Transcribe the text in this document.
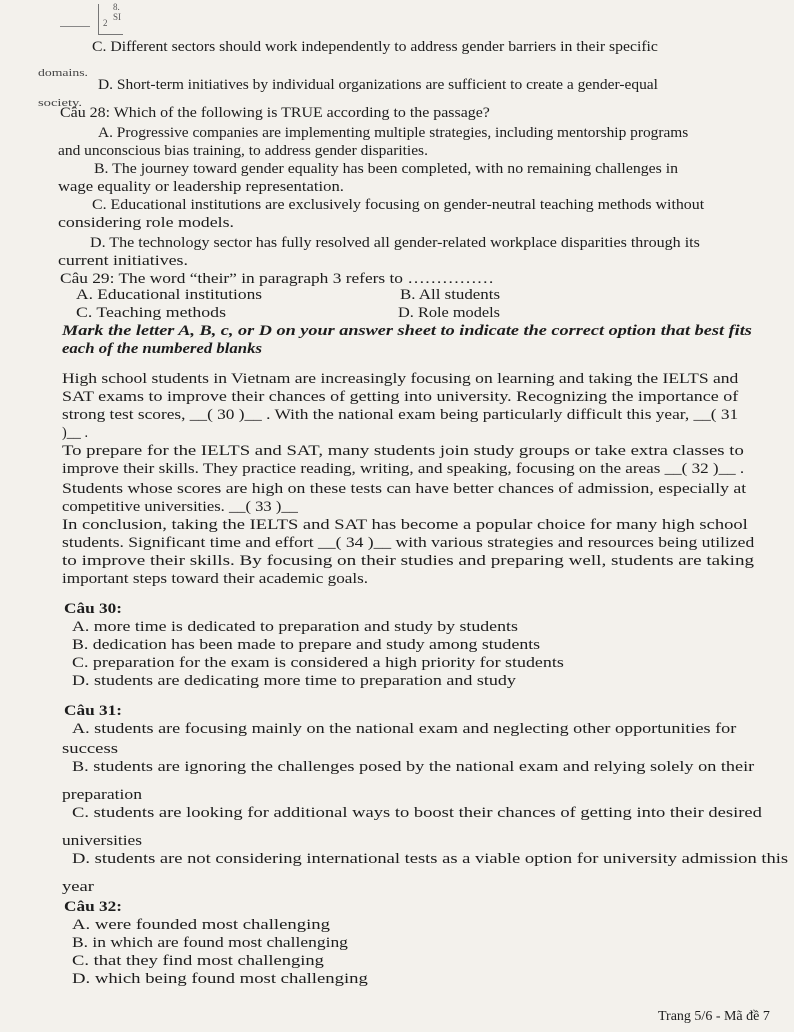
8. SI
2
C. Different sectors should work independently to address gender barriers in their specific
domains.
D. Short-term initiatives by individual organizations are sufficient to create a gender-equal
society.
Câu 28: Which of the following is TRUE according to the passage?
A. Progressive companies are implementing multiple strategies, including mentorship programs
and unconscious bias training, to address gender disparities.
B. The journey toward gender equality has been completed, with no remaining challenges in
wage equality or leadership representation.
C. Educational institutions are exclusively focusing on gender-neutral teaching methods without
considering role models.
D. The technology sector has fully resolved all gender-related workplace disparities through its
current initiatives.
Câu 29: The word “their” in paragraph 3 refers to ……………
A. Educational institutions	B. All students
C. Teaching methods	D. Role models
Mark the letter A, B, c, or D on your answer sheet to indicate the correct option that best fits
each of the numbered blanks
High school students in Vietnam are increasingly focusing on learning and taking the IELTS and
SAT exams to improve their chances of getting into university. Recognizing the importance of
strong test scores, __( 30 )__ . With the national exam being particularly difficult this year, __( 31
)__ .
To prepare for the IELTS and SAT, many students join study groups or take extra classes to
improve their skills. They practice reading, writing, and speaking, focusing on the areas __( 32 )__ .
Students whose scores are high on these tests can have better chances of admission, especially at
competitive universities. __( 33 )__
In conclusion, taking the IELTS and SAT has become a popular choice for many high school
students. Significant time and effort __( 34 )__ with various strategies and resources being utilized
to improve their skills. By focusing on their studies and preparing well, students are taking
important steps toward their academic goals.
Câu 30:
A. more time is dedicated to preparation and study by students
B. dedication has been made to prepare and study among students
C. preparation for the exam is considered a high priority for students
D. students are dedicating more time to preparation and study
Câu 31:
A. students are focusing mainly on the national exam and neglecting other opportunities for
success
B. students are ignoring the challenges posed by the national exam and relying solely on their
preparation
C. students are looking for additional ways to boost their chances of getting into their desired
universities
D. students are not considering international tests as a viable option for university admission this
year
Câu 32:
A. were founded most challenging
B. in which are found most challenging
C. that they find most challenging
D. which being found most challenging
Trang 5/6 - Mã đề 7
